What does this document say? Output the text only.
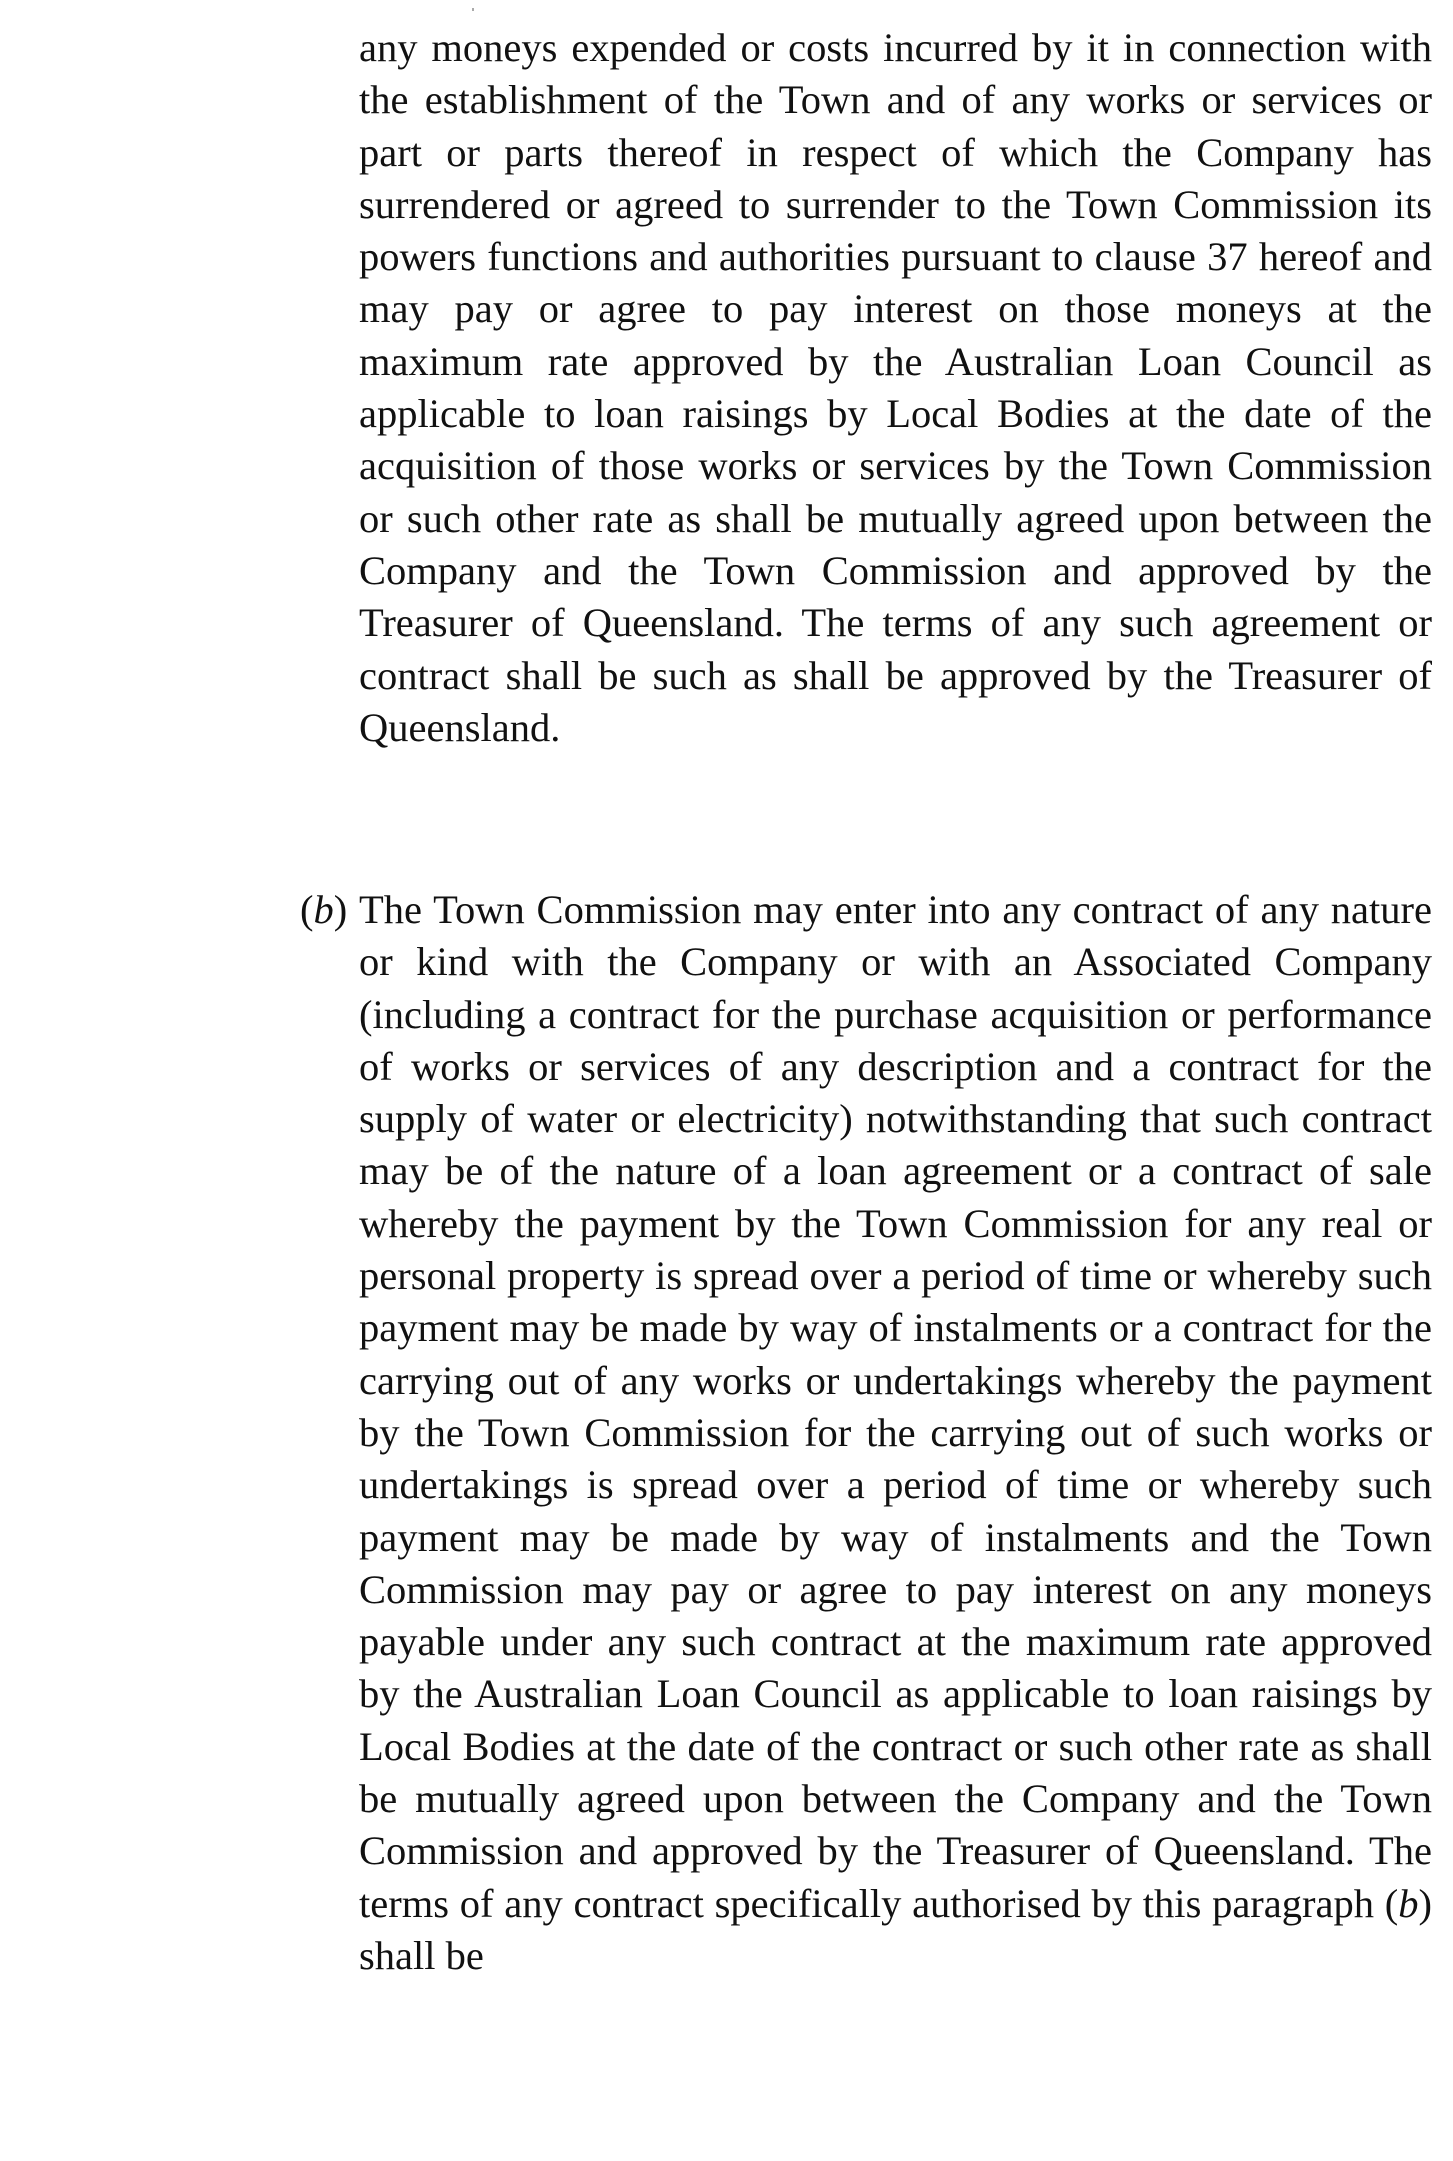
any moneys expended or costs incurred by it in connection with the establishment of the Town and of any works or services or part or parts thereof in respect of which the Company has surrendered or agreed to surrender to the Town Commission its powers functions and authorities pursuant to clause 37 hereof and may pay or agree to pay interest on those moneys at the maximum rate approved by the Australian Loan Council as applicable to loan raisings by Local Bodies at the date of the acquisition of those works or services by the Town Commission or such other rate as shall be mutually agreed upon between the Company and the Town Commission and approved by the Treasurer of Queensland. The terms of any such agreement or contract shall be such as shall be approved by the Treasurer of Queensland.

(b) The Town Commission may enter into any contract of any nature or kind with the Company or with an Associated Company (including a contract for the purchase acquisition or performance of works or services of any description and a contract for the supply of water or electricity) notwithstanding that such contract may be of the nature of a loan agreement or a contract of sale whereby the payment by the Town Commission for any real or personal property is spread over a period of time or whereby such payment may be made by way of instalments or a contract for the carrying out of any works or undertakings whereby the payment by the Town Commission for the carrying out of such works or undertakings is spread over a period of time or whereby such payment may be made by way of instalments and the Town Commission may pay or agree to pay interest on any moneys payable under any such contract at the maximum rate approved by the Australian Loan Council as applicable to loan raisings by Local Bodies at the date of the contract or such other rate as shall be mutually agreed upon between the Company and the Town Commission and approved by the Treasurer of Queensland. The terms of any contract specifically authorised by this paragraph (b) shall be
